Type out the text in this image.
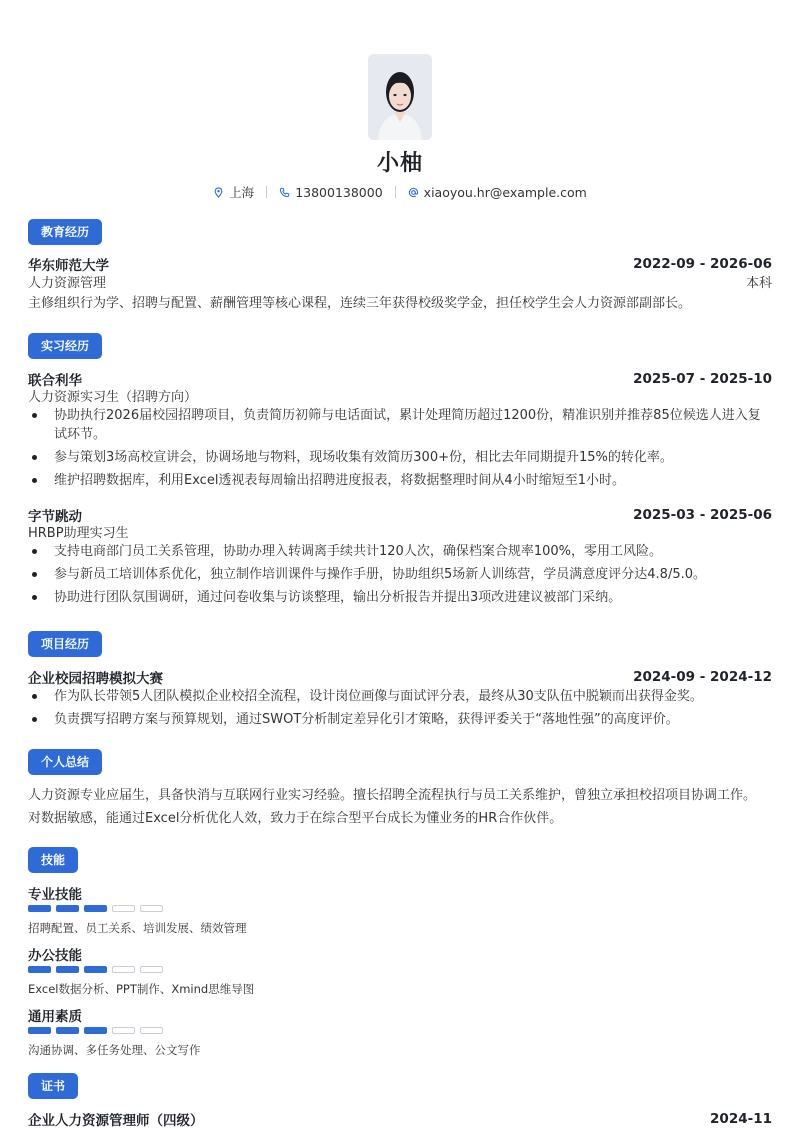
小柚
上海	13800138000	xiaoyou.hr@example.com
教育经历
华东师范大学	2022-09 - 2026-06
人力资源管理	本科
主修组织行为学、招聘与配置、薪酬管理等核心课程，连续三年获得校级奖学金，担任校学生会人力资源部副部长。
实习经历
联合利华	2025-07 - 2025-10
人力资源实习生（招聘方向）
协助执行2026届校园招聘项目，负责简历初筛与电话面试，累计处理简历超过1200份，精准识别并推荐85位候选人进入复试环节。
参与策划3场高校宣讲会，协调场地与物料，现场收集有效简历300+份，相比去年同期提升15%的转化率。
维护招聘数据库，利用Excel透视表每周输出招聘进度报表，将数据整理时间从4小时缩短至1小时。
字节跳动	2025-03 - 2025-06
HRBP助理实习生
支持电商部门员工关系管理，协助办理入转调离手续共计120人次，确保档案合规率100%，零用工风险。
参与新员工培训体系优化，独立制作培训课件与操作手册，协助组织5场新人训练营，学员满意度评分达4.8/5.0。
协助进行团队氛围调研，通过问卷收集与访谈整理，输出分析报告并提出3项改进建议被部门采纳。
项目经历
企业校园招聘模拟大赛	2024-09 - 2024-12
作为队长带领5人团队模拟企业校招全流程，设计岗位画像与面试评分表，最终从30支队伍中脱颖而出获得金奖。
负责撰写招聘方案与预算规划，通过SWOT分析制定差异化引才策略，获得评委关于“落地性强”的高度评价。
个人总结
人力资源专业应届生，具备快消与互联网行业实习经验。擅长招聘全流程执行与员工关系维护，曾独立承担校招项目协调工作。
对数据敏感，能通过Excel分析优化人效，致力于在综合型平台成长为懂业务的HR合作伙伴。
技能
专业技能
招聘配置、员工关系、培训发展、绩效管理
办公技能
Excel数据分析、PPT制作、Xmind思维导图
通用素质
沟通协调、多任务处理、公文写作
证书
企业人力资源管理师（四级）	2024-11
